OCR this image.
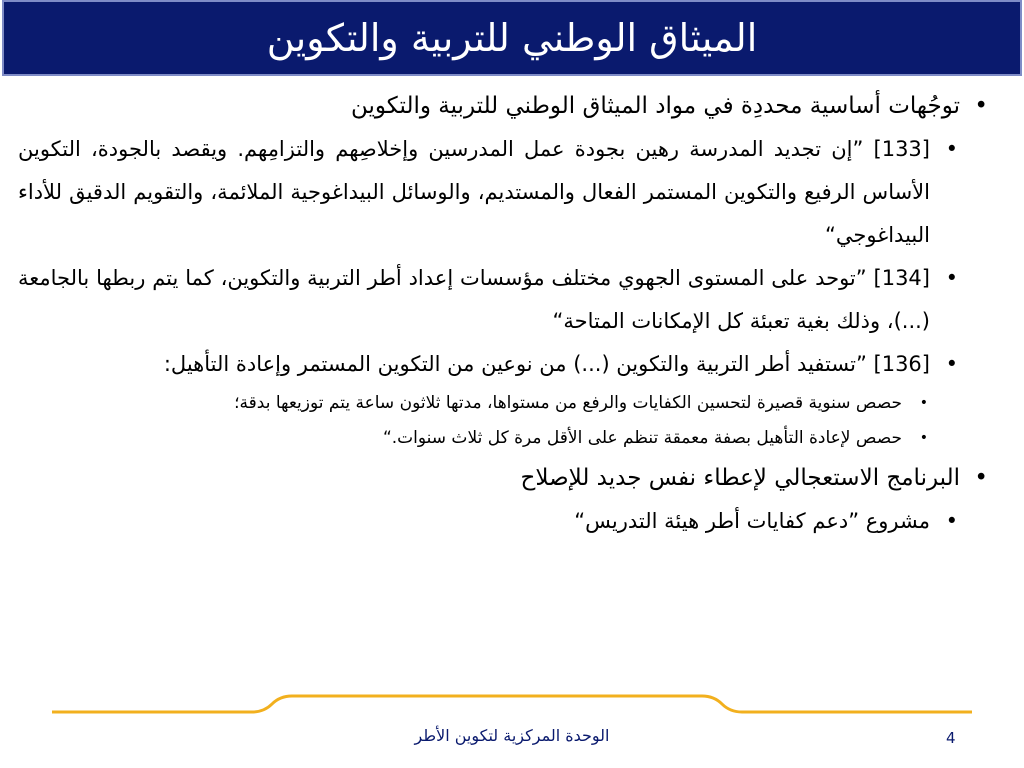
الميثاق الوطني للتربية والتكوين

•
توجُهات أساسية محددِة في مواد الميثاق الوطني للتربية والتكوين

•
[133] ”إن تجديد المدرسة رهين بجودة عمل المدرسين وإخلاصِهم والتزامِهم. ويقصد بالجودة، التكوين الأساس الرفيع والتكوين المستمر الفعال والمستديم، والوسائل البيداغوجية الملائمة، والتقويم الدقيق للأداء البيداغوجي“

•
[134] ”توحد على المستوى الجهوي مختلف مؤسسات إعداد أطر التربية والتكوين، كما يتم ربطها بالجامعة (...)، وذلك بغية تعبئة كل الإمكانات المتاحة“

•
[136] ”تستفيد أطر التربية والتكوين (...) من نوعين من التكوين المستمر وإعادة التأهيل:

•
حصص سنوية قصيرة لتحسين الكفايات والرفع من مستواها، مدتها ثلاثون ساعة يتم توزيعها بدقة؛

•
حصص لإعادة التأهيل بصفة معمقة تنظم على الأقل مرة كل ثلاث سنوات.“

•
البرنامج الاستعجالي لإعطاء نفس جديد للإصلاح

•
مشروع ”دعم كفايات أطر هيئة التدريس“

الوحدة المركزية لتكوين الأطر	4
